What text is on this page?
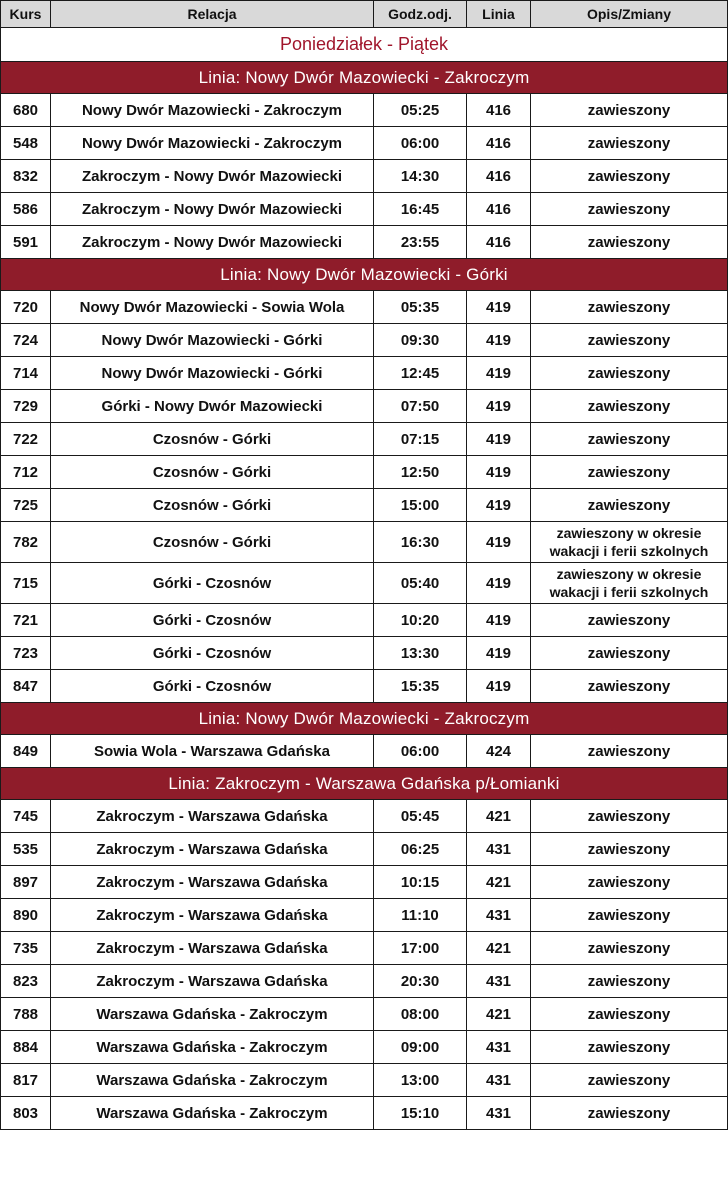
Kurs	Relacja	Godz.odj.	Linia	Opis/Zmiany
Poniedziałek - Piątek				
Linia: Nowy Dwór Mazowiecki - Zakroczym				
680	Nowy Dwór Mazowiecki - Zakroczym	05:25	416	zawieszony
548	Nowy Dwór Mazowiecki - Zakroczym	06:00	416	zawieszony
832	Zakroczym - Nowy Dwór Mazowiecki	14:30	416	zawieszony
586	Zakroczym - Nowy Dwór Mazowiecki	16:45	416	zawieszony
591	Zakroczym - Nowy Dwór Mazowiecki	23:55	416	zawieszony
Linia: Nowy Dwór Mazowiecki - Górki				
720	Nowy Dwór Mazowiecki - Sowia Wola	05:35	419	zawieszony
724	Nowy Dwór Mazowiecki - Górki	09:30	419	zawieszony
714	Nowy Dwór Mazowiecki - Górki	12:45	419	zawieszony
729	Górki - Nowy Dwór Mazowiecki	07:50	419	zawieszony
722	Czosnów - Górki	07:15	419	zawieszony
712	Czosnów - Górki	12:50	419	zawieszony
725	Czosnów - Górki	15:00	419	zawieszony
782	Czosnów - Górki	16:30	419	zawieszony w okresie wakacji i ferii szkolnych

715	Górki - Czosnów	05:40	419	zawieszony w okresie wakacji i ferii szkolnych

721	Górki - Czosnów	10:20	419	zawieszony
723	Górki - Czosnów	13:30	419	zawieszony
847	Górki - Czosnów	15:35	419	zawieszony
Linia: Nowy Dwór Mazowiecki - Zakroczym				
849	Sowia Wola - Warszawa Gdańska	06:00	424	zawieszony
Linia: Zakroczym - Warszawa Gdańska p/Łomianki				
745	Zakroczym - Warszawa Gdańska	05:45	421	zawieszony
535	Zakroczym - Warszawa Gdańska	06:25	431	zawieszony
897	Zakroczym - Warszawa Gdańska	10:15	421	zawieszony
890	Zakroczym - Warszawa Gdańska	11:10	431	zawieszony
735	Zakroczym - Warszawa Gdańska	17:00	421	zawieszony
823	Zakroczym - Warszawa Gdańska	20:30	431	zawieszony
788	Warszawa Gdańska - Zakroczym	08:00	421	zawieszony
884	Warszawa Gdańska - Zakroczym	09:00	431	zawieszony
817	Warszawa Gdańska - Zakroczym	13:00	431	zawieszony
803	Warszawa Gdańska - Zakroczym	15:10	431	zawieszony
